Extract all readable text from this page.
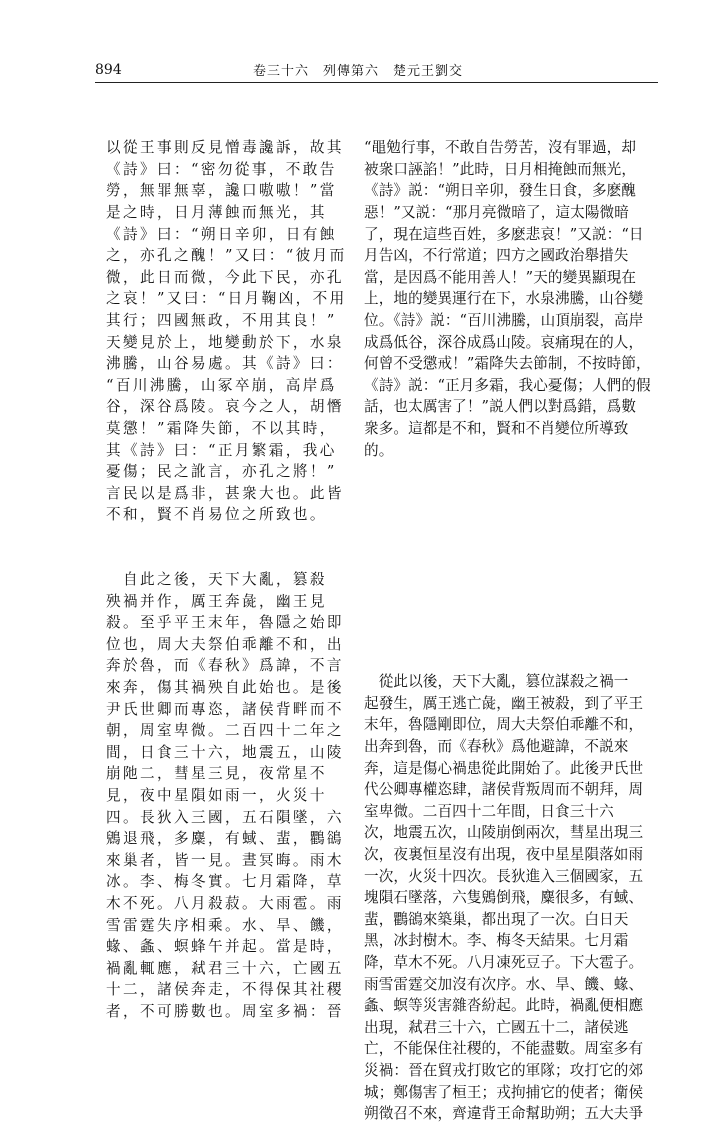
894	卷三十六　列傳第六　楚元王劉交

以從王事則反見憎毒讒訴，故其
《詩》曰：“密勿從事，不敢告
勞，無罪無辜，讒口嗷嗷！”當
是之時，日月薄蝕而無光，其
《詩》曰：“朔日辛卯，日有蝕
之，亦孔之醜！”又曰：“彼月而
微，此日而微，今此下民，亦孔
之哀！”又曰：“日月鞠凶，不用
其行；四國無政，不用其良！”
天變見於上，地變動於下，水泉
沸騰，山谷易處。其《詩》曰：
“百川沸騰，山冢卒崩，高岸爲
谷，深谷爲陵。哀今之人，胡憯
莫懲！”霜降失節，不以其時，
其《詩》曰：“正月繁霜，我心
憂傷；民之訛言，亦孔之將！”
言民以是爲非，甚衆大也。此皆
不和，賢不肖易位之所致也。

　自此之後，天下大亂，篡殺
殃禍并作，厲王奔彘，幽王見
殺。至乎平王末年，魯隱之始即
位也，周大夫祭伯乖離不和，出
奔於魯，而《春秋》爲諱，不言
來奔，傷其禍殃自此始也。是後
尹氏世卿而專恣，諸侯背畔而不
朝，周室卑微。二百四十二年之
間，日食三十六，地震五，山陵
崩阤二，彗星三見，夜常星不
見，夜中星隕如雨一，火災十
四。長狄入三國，五石隕墜，六
鶂退飛，多麋，有蜮、蜚，鸜鵒
來巢者，皆一見。晝冥晦。雨木
冰。李、梅冬實。七月霜降，草
木不死。八月殺菽。大雨雹。雨
雪雷霆失序相乘。水、旱、饑，
蝝、螽、螟蜂午并起。當是時，
禍亂輒應，弒君三十六，亡國五
十二，諸侯奔走，不得保其社稷
者，不可勝數也。周室多禍：晉

“黽勉行事，不敢自告勞苦，沒有罪過，却
被衆口誣諂！”此時，日月相掩蝕而無光，
《詩》説：“朔日辛卯，發生日食，多麽醜
惡！”又説：“那月亮微暗了，這太陽微暗
了，現在這些百姓，多麽悲哀！”又説：“日
月告凶，不行常道；四方之國政治舉措失
當，是因爲不能用善人！”天的變異顯現在
上，地的變異運行在下，水泉沸騰，山谷變
位。《詩》説：“百川沸騰，山頂崩裂，高岸
成爲低谷，深谷成爲山陵。哀痛現在的人，
何曾不受懲戒！”霜降失去節制，不按時節，
《詩》説：“正月多霜，我心憂傷；人們的假
話，也太厲害了！”説人們以對爲錯，爲數
衆多。這都是不和，賢和不肖變位所導致
的。

　從此以後，天下大亂，篡位謀殺之禍一
起發生，厲王逃亡彘，幽王被殺，到了平王
末年，魯隱剛即位，周大夫祭伯乖離不和，
出奔到魯，而《春秋》爲他避諱，不説來
奔，這是傷心禍患從此開始了。此後尹氏世
代公卿專權恣肆，諸侯背叛周而不朝拜，周
室卑微。二百四十二年間，日食三十六
次，地震五次，山陵崩倒兩次，彗星出現三
次，夜裏恒星沒有出現，夜中星星隕落如雨
一次，火災十四次。長狄進入三個國家，五
塊隕石墜落，六隻鶂倒飛，麋很多，有蜮、
蜚，鸜鵒來築巢，都出現了一次。白日天
黑，冰封樹木。李、梅冬天結果。七月霜
降，草木不死。八月凍死豆子。下大雹子。
雨雪雷霆交加沒有次序。水、旱、饑、蝝、
螽、螟等災害雜沓紛起。此時，禍亂便相應
出現，弒君三十六，亡國五十二，諸侯逃
亡，不能保住社稷的，不能盡數。周室多有
災禍：晉在貿戎打敗它的軍隊；攻打它的郊
城；鄭傷害了桓王；戎拘捕它的使者；衛侯
朔徵召不來，齊違背王命幫助朔；五大夫爭
